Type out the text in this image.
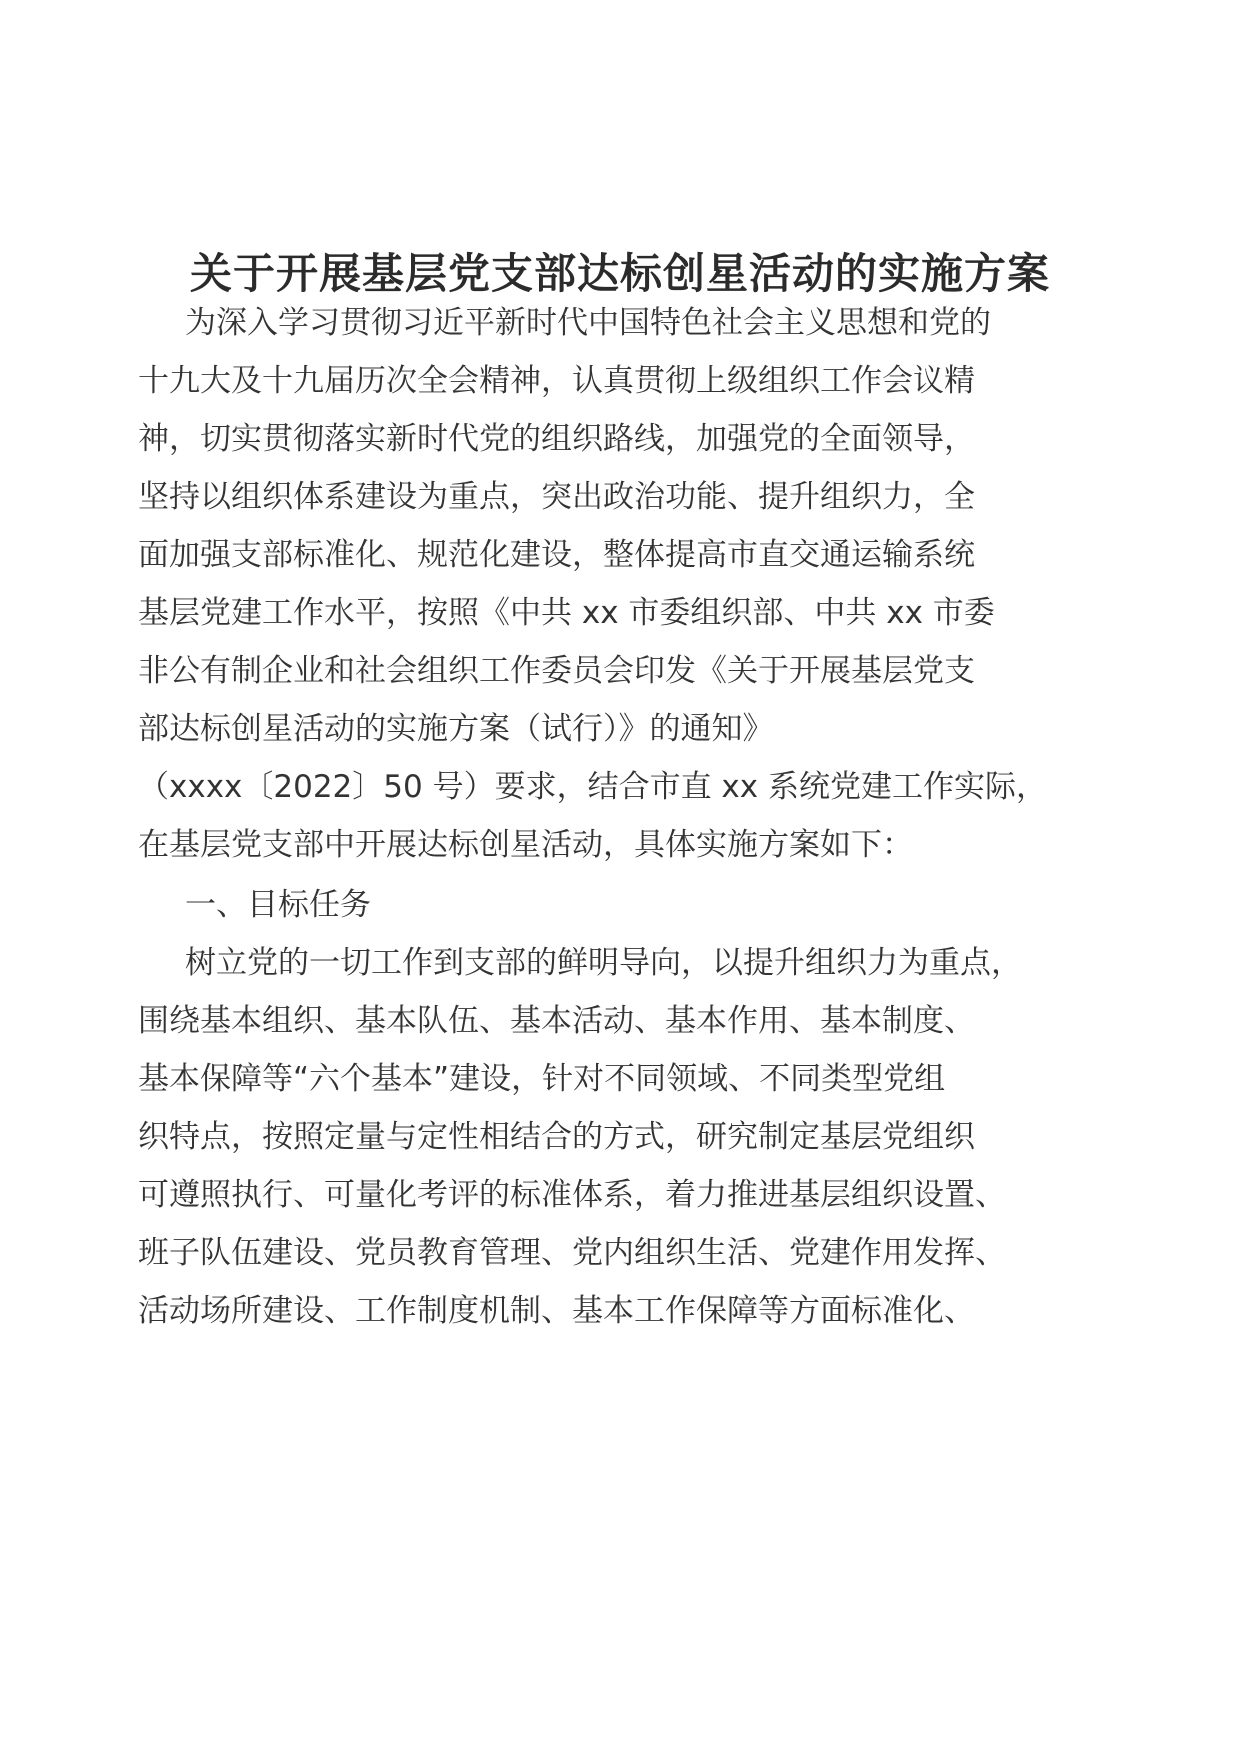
关于开展基层党支部达标创星活动的实施方案
为深入学习贯彻习近平新时代中国特色社会主义思想和党的
十九大及十九届历次全会精神，认真贯彻上级组织工作会议精
神，切实贯彻落实新时代党的组织路线，加强党的全面领导，
坚持以组织体系建设为重点，突出政治功能、提升组织力，全
面加强支部标准化、规范化建设，整体提高市直交通运输系统
基层党建工作水平，按照《中共 xx 市委组织部、中共 xx 市委
非公有制企业和社会组织工作委员会印发《关于开展基层党支
部达标创星活动的实施方案（试行）》的通知》
（xxxx〔2022〕50 号）要求，结合市直 xx 系统党建工作实际，
在基层党支部中开展达标创星活动，具体实施方案如下：
一、目标任务
树立党的一切工作到支部的鲜明导向，以提升组织力为重点，
围绕基本组织、基本队伍、基本活动、基本作用、基本制度、
基本保障等“六个基本”建设，针对不同领域、不同类型党组
织特点，按照定量与定性相结合的方式，研究制定基层党组织
可遵照执行、可量化考评的标准体系，着力推进基层组织设置、
班子队伍建设、党员教育管理、党内组织生活、党建作用发挥、
活动场所建设、工作制度机制、基本工作保障等方面标准化、
